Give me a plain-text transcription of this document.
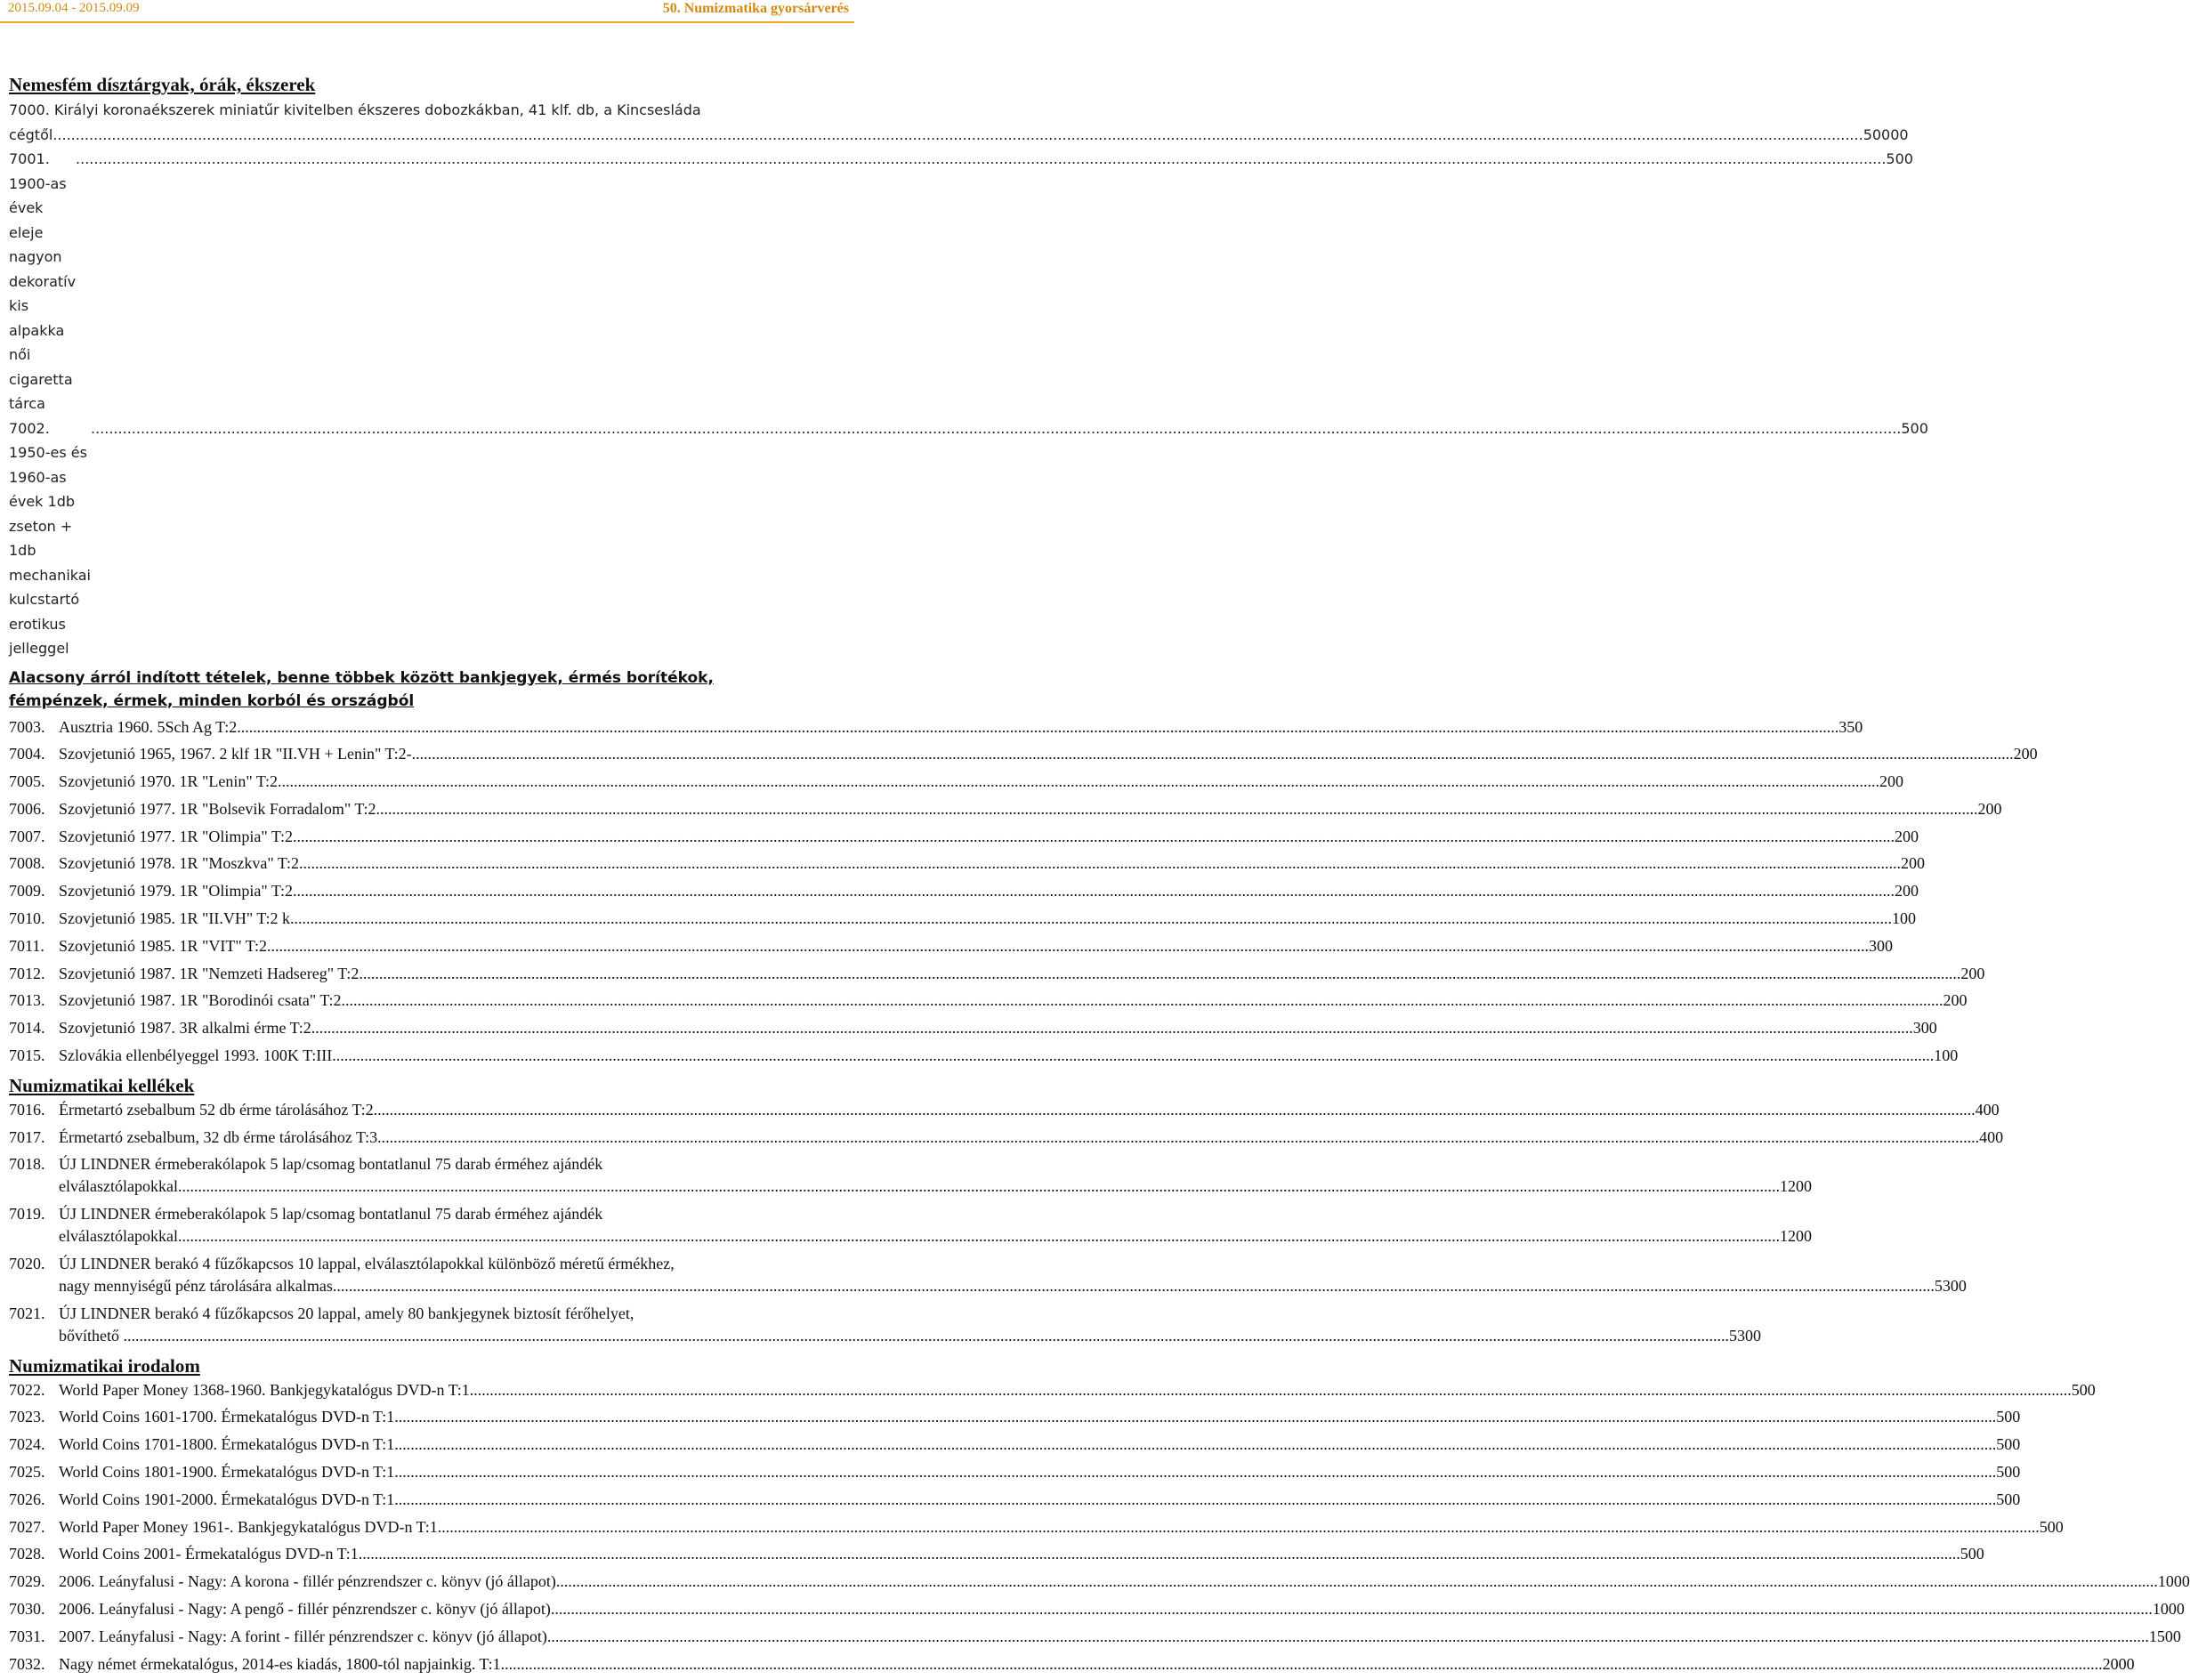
2015.09.04 - 2015.09.09	50. Numizmatika gyorsárverés
Nemesfém dísztárgyak, órák, ékszerek
7000. Királyi koronaékszerek miniatűr kivitelben ékszeres dobozkákban, 41 klf. db, a Kincsesláda
cégtől ................................................................................................................................................................................................................................................................................................................................................................................................................ 50000
7001. 1900-as évek eleje nagyon dekoratív kis alpakka női cigaretta tárca
................................................................................................................................................................................................................................................................................................................................................................................................................ 500
7002. 1950-es és 1960-as évek 1db zseton + 1db mechanikai kulcstartó erotikus jelleggel
................................................................................................................................................................................................................................................................................................................................................................................................................ 500
Alacsony árról indított tételek, benne többek között bankjegyek, érmés borítékok, fémpénzek, érmek, minden korból és országból
7003. Ausztria 1960. 5Sch Ag T:2 ................................................................................................................................................................................................................................................................................................................................................................................................................ 350
7004. Szovjetunió 1965, 1967. 2 klf 1R "II.VH + Lenin" T:2- ................................................................................................................................................................................................................................................................................................................................................................................................................ 200
7005. Szovjetunió 1970. 1R "Lenin" T:2 ................................................................................................................................................................................................................................................................................................................................................................................................................ 200
7006. Szovjetunió 1977. 1R "Bolsevik Forradalom" T:2 ................................................................................................................................................................................................................................................................................................................................................................................................................ 200
7007. Szovjetunió 1977. 1R "Olimpia" T:2 ................................................................................................................................................................................................................................................................................................................................................................................................................ 200
7008. Szovjetunió 1978. 1R "Moszkva" T:2 ................................................................................................................................................................................................................................................................................................................................................................................................................ 200
7009. Szovjetunió 1979. 1R "Olimpia" T:2 ................................................................................................................................................................................................................................................................................................................................................................................................................ 200
7010. Szovjetunió 1985. 1R "II.VH" T:2 k ................................................................................................................................................................................................................................................................................................................................................................................................................ 100
7011. Szovjetunió 1985. 1R "VIT" T:2 ................................................................................................................................................................................................................................................................................................................................................................................................................ 300
7012. Szovjetunió 1987. 1R "Nemzeti Hadsereg" T:2 ................................................................................................................................................................................................................................................................................................................................................................................................................ 200
7013. Szovjetunió 1987. 1R "Borodinói csata" T:2 ................................................................................................................................................................................................................................................................................................................................................................................................................ 200
7014. Szovjetunió 1987. 3R alkalmi érme T:2 ................................................................................................................................................................................................................................................................................................................................................................................................................ 300
7015. Szlovákia ellenbélyeggel 1993. 100K T:III ................................................................................................................................................................................................................................................................................................................................................................................................................ 100
Numizmatikai kellékek
7016. Érmetartó zsebalbum 52 db érme tárolásához T:2 ................................................................................................................................................................................................................................................................................................................................................................................................................ 400
7017. Érmetartó zsebalbum, 32 db érme tárolásához T:3 ................................................................................................................................................................................................................................................................................................................................................................................................................ 400
7018. ÚJ LINDNER érmeberakólapok 5 lap/csomag bontatlanul 75 darab érméhez ajándék
elválasztólapokkal ................................................................................................................................................................................................................................................................................................................................................................................................................ 1200
7019. ÚJ LINDNER érmeberakólapok 5 lap/csomag bontatlanul 75 darab érméhez ajándék
elválasztólapokkal ................................................................................................................................................................................................................................................................................................................................................................................................................ 1200
7020. ÚJ LINDNER berakó 4 fűzőkapcsos 10 lappal, elválasztólapokkal különböző méretű érmékhez,
nagy mennyiségű pénz tárolására alkalmas ................................................................................................................................................................................................................................................................................................................................................................................................................ 5300
7021. ÚJ LINDNER berakó 4 fűzőkapcsos 20 lappal, amely 80 bankjegynek biztosít férőhelyet,
bővíthető . ................................................................................................................................................................................................................................................................................................................................................................................................................ 5300
Numizmatikai irodalom
7022. World Paper Money 1368-1960. Bankjegykatalógus DVD-n T:1 ................................................................................................................................................................................................................................................................................................................................................................................................................ 500
7023. World Coins 1601-1700. Érmekatalógus DVD-n T:1 ................................................................................................................................................................................................................................................................................................................................................................................................................ 500
7024. World Coins 1701-1800. Érmekatalógus DVD-n T:1 ................................................................................................................................................................................................................................................................................................................................................................................................................ 500
7025. World Coins 1801-1900. Érmekatalógus DVD-n T:1 ................................................................................................................................................................................................................................................................................................................................................................................................................ 500
7026. World Coins 1901-2000. Érmekatalógus DVD-n T:1 ................................................................................................................................................................................................................................................................................................................................................................................................................ 500
7027. World Paper Money 1961-. Bankjegykatalógus DVD-n T:1 ................................................................................................................................................................................................................................................................................................................................................................................................................ 500
7028. World Coins 2001- Érmekatalógus DVD-n T:1 ................................................................................................................................................................................................................................................................................................................................................................................................................ 500
7029. 2006. Leányfalusi - Nagy: A korona - fillér pénzrendszer c. könyv (jó állapot) ................................................................................................................................................................................................................................................................................................................................................................................................................ 1000
7030. 2006. Leányfalusi - Nagy: A pengő - fillér pénzrendszer c. könyv (jó állapot) ................................................................................................................................................................................................................................................................................................................................................................................................................ 1000
7031. 2007. Leányfalusi - Nagy: A forint - fillér pénzrendszer c. könyv (jó állapot) ................................................................................................................................................................................................................................................................................................................................................................................................................ 1500
7032. Nagy német érmekatalógus, 2014-es kiadás, 1800-tól napjainkig. T:1 ................................................................................................................................................................................................................................................................................................................................................................................................................ 2000
